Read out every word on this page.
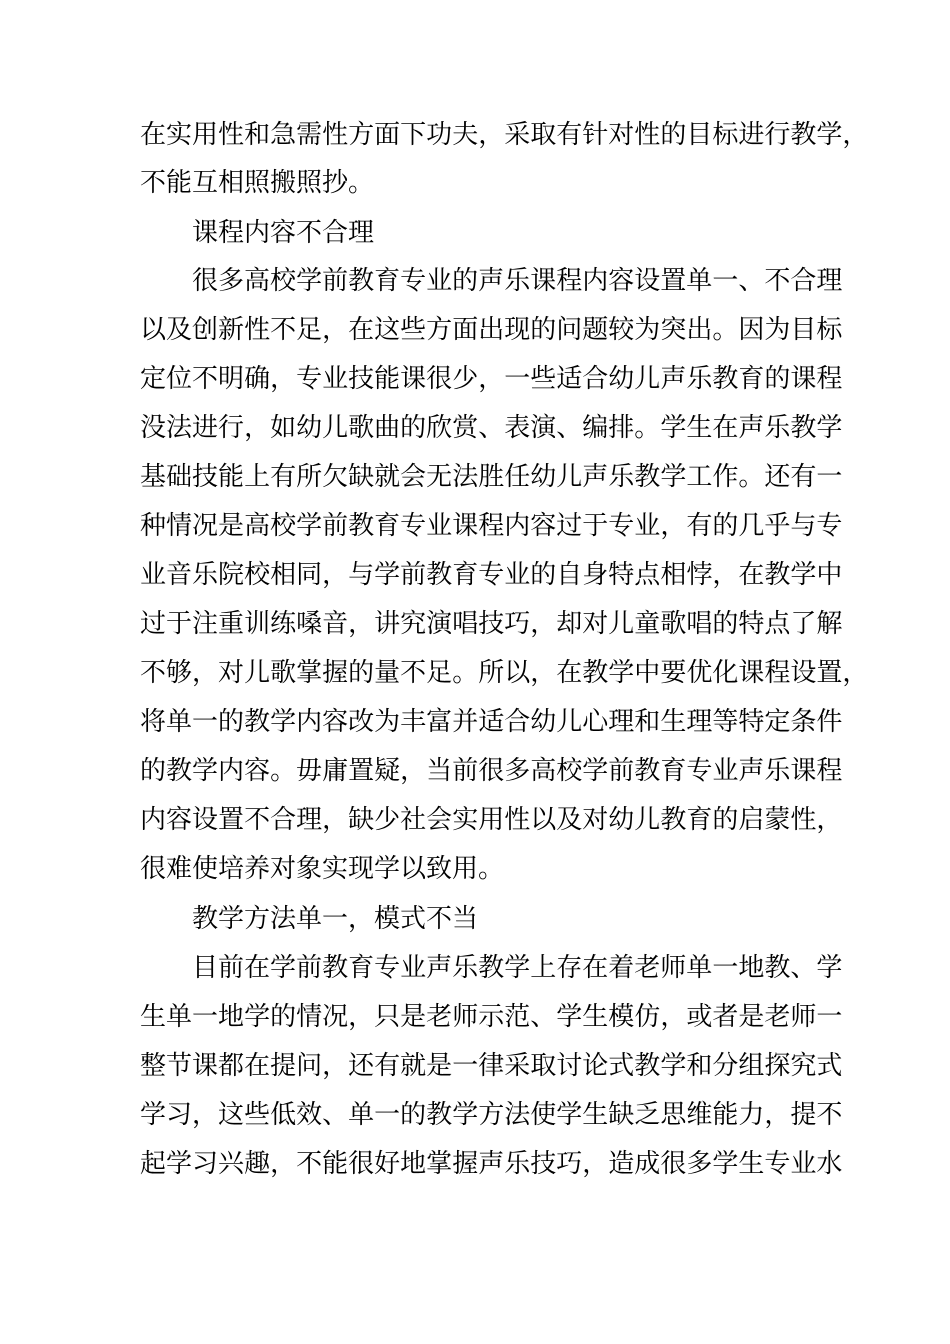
在 实 用 性 和 急 需 性 方 面 下 功 夫 ， 采 取 有 针 对 性 的 目 标 进 行 教 学 ，
不能互相照搬照抄。
课程内容不合理
很 多 高 校 学 前 教 育 专 业 的 声 乐 课 程 内 容 设 置 单 一 、 不 合 理
以 及 创 新 性 不 足 ， 在 这 些 方 面 出 现 的 问 题 较 为 突 出 。 因 为 目 标
定 位 不 明 确 ， 专 业 技 能 课 很 少 ， 一 些 适 合 幼 儿 声 乐 教 育 的 课 程
没 法 进 行 ， 如 幼 儿 歌 曲 的 欣 赏 、 表 演 、 编 排 。 学 生 在 声 乐 教 学
基 础 技 能 上 有 所 欠 缺 就 会 无 法 胜 任 幼 儿 声 乐 教 学 工 作 。 还 有 一
种 情 况 是 高 校 学 前 教 育 专 业 课 程 内 容 过 于 专 业 ， 有 的 几 乎 与 专
业 音 乐 院 校 相 同 ， 与 学 前 教 育 专 业 的 自 身 特 点 相 悖 ， 在 教 学 中
过 于 注 重 训 练 嗓 音 ， 讲 究 演 唱 技 巧 ， 却 对 儿 童 歌 唱 的 特 点 了 解
不 够 ， 对 儿 歌 掌 握 的 量 不 足 。 所 以 ， 在 教 学 中 要 优 化 课 程 设 置 ，
将 单 一 的 教 学 内 容 改 为 丰 富 并 适 合 幼 儿 心 理 和 生 理 等 特 定 条 件
的 教 学 内 容 。 毋 庸 置 疑 ， 当 前 很 多 高 校 学 前 教 育 专 业 声 乐 课 程
内 容 设 置 不 合 理 ， 缺 少 社 会 实 用 性 以 及 对 幼 儿 教 育 的 启 蒙 性 ，
很难使培养对象实现学以致用。
教学方法单一，模式不当
目 前 在 学 前 教 育 专 业 声 乐 教 学 上 存 在 着 老 师 单 一 地 教 、 学
生 单 一 地 学 的 情 况 ， 只 是 老 师 示 范 、 学 生 模 仿 ， 或 者 是 老 师 一
整 节 课 都 在 提 问 ， 还 有 就 是 一 律 采 取 讨 论 式 教 学 和 分 组 探 究 式
学 习 ， 这 些 低 效 、 单 一 的 教 学 方 法 使 学 生 缺 乏 思 维 能 力 ， 提 不
起 学 习 兴 趣 ， 不 能 很 好 地 掌 握 声 乐 技 巧 ， 造 成 很 多 学 生 专 业 水
